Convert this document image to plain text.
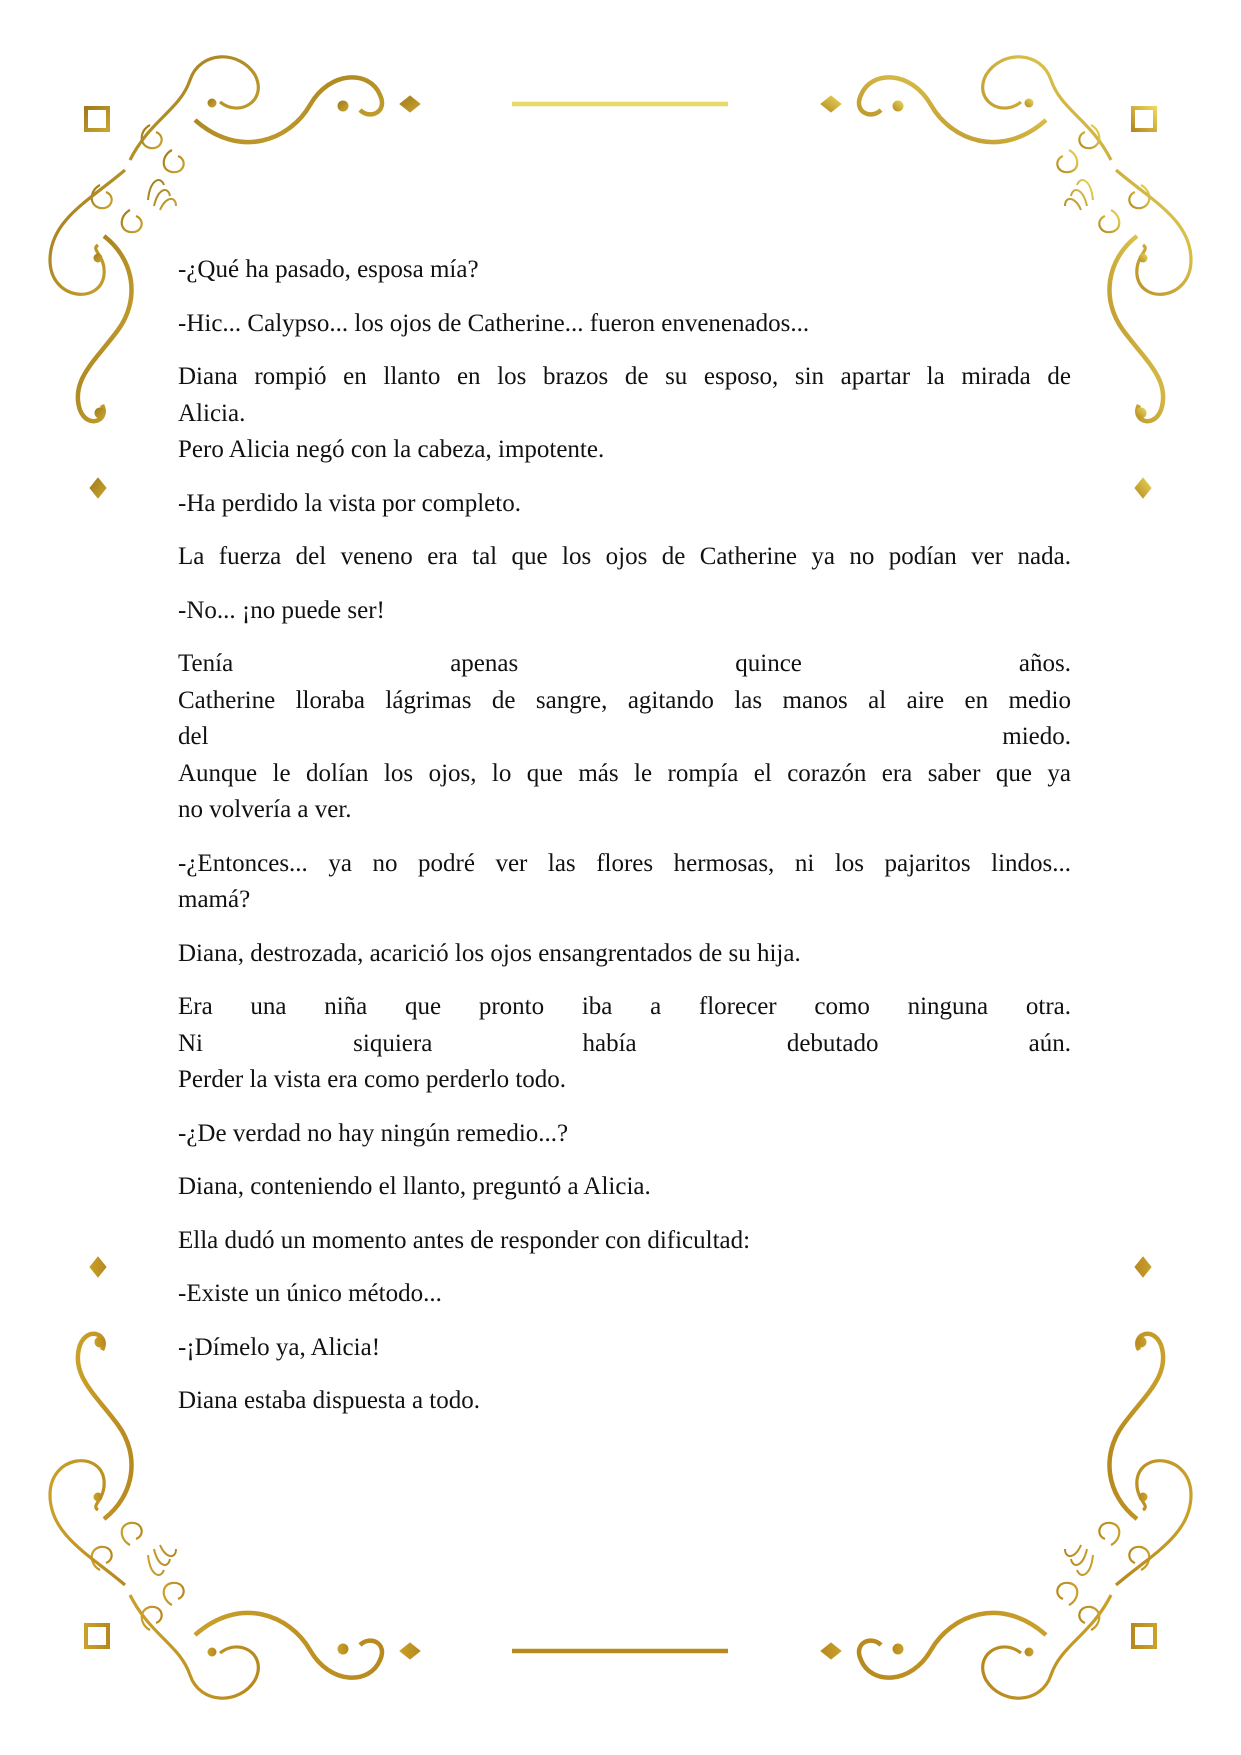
-¿Qué ha pasado, esposa mía?
-Hic... Calypso... los ojos de Catherine... fueron envenenados...
Diana rompió en llanto en los brazos de su esposo, sin apartar la mirada de
Alicia.
Pero Alicia negó con la cabeza, impotente.
-Ha perdido la vista por completo.
La fuerza del veneno era tal que los ojos de Catherine ya no podían ver nada.
-No... ¡no puede ser!
Tenía apenas quince años.
Catherine lloraba lágrimas de sangre, agitando las manos al aire en medio
del miedo.
Aunque le dolían los ojos, lo que más le rompía el corazón era saber que ya
no volvería a ver.
-¿Entonces... ya no podré ver las flores hermosas, ni los pajaritos lindos...
mamá?
Diana, destrozada, acarició los ojos ensangrentados de su hija.
Era una niña que pronto iba a florecer como ninguna otra.
Ni siquiera había debutado aún.
Perder la vista era como perderlo todo.
-¿De verdad no hay ningún remedio...?
Diana, conteniendo el llanto, preguntó a Alicia.
Ella dudó un momento antes de responder con dificultad:
-Existe un único método...
-¡Dímelo ya, Alicia!
Diana estaba dispuesta a todo.
